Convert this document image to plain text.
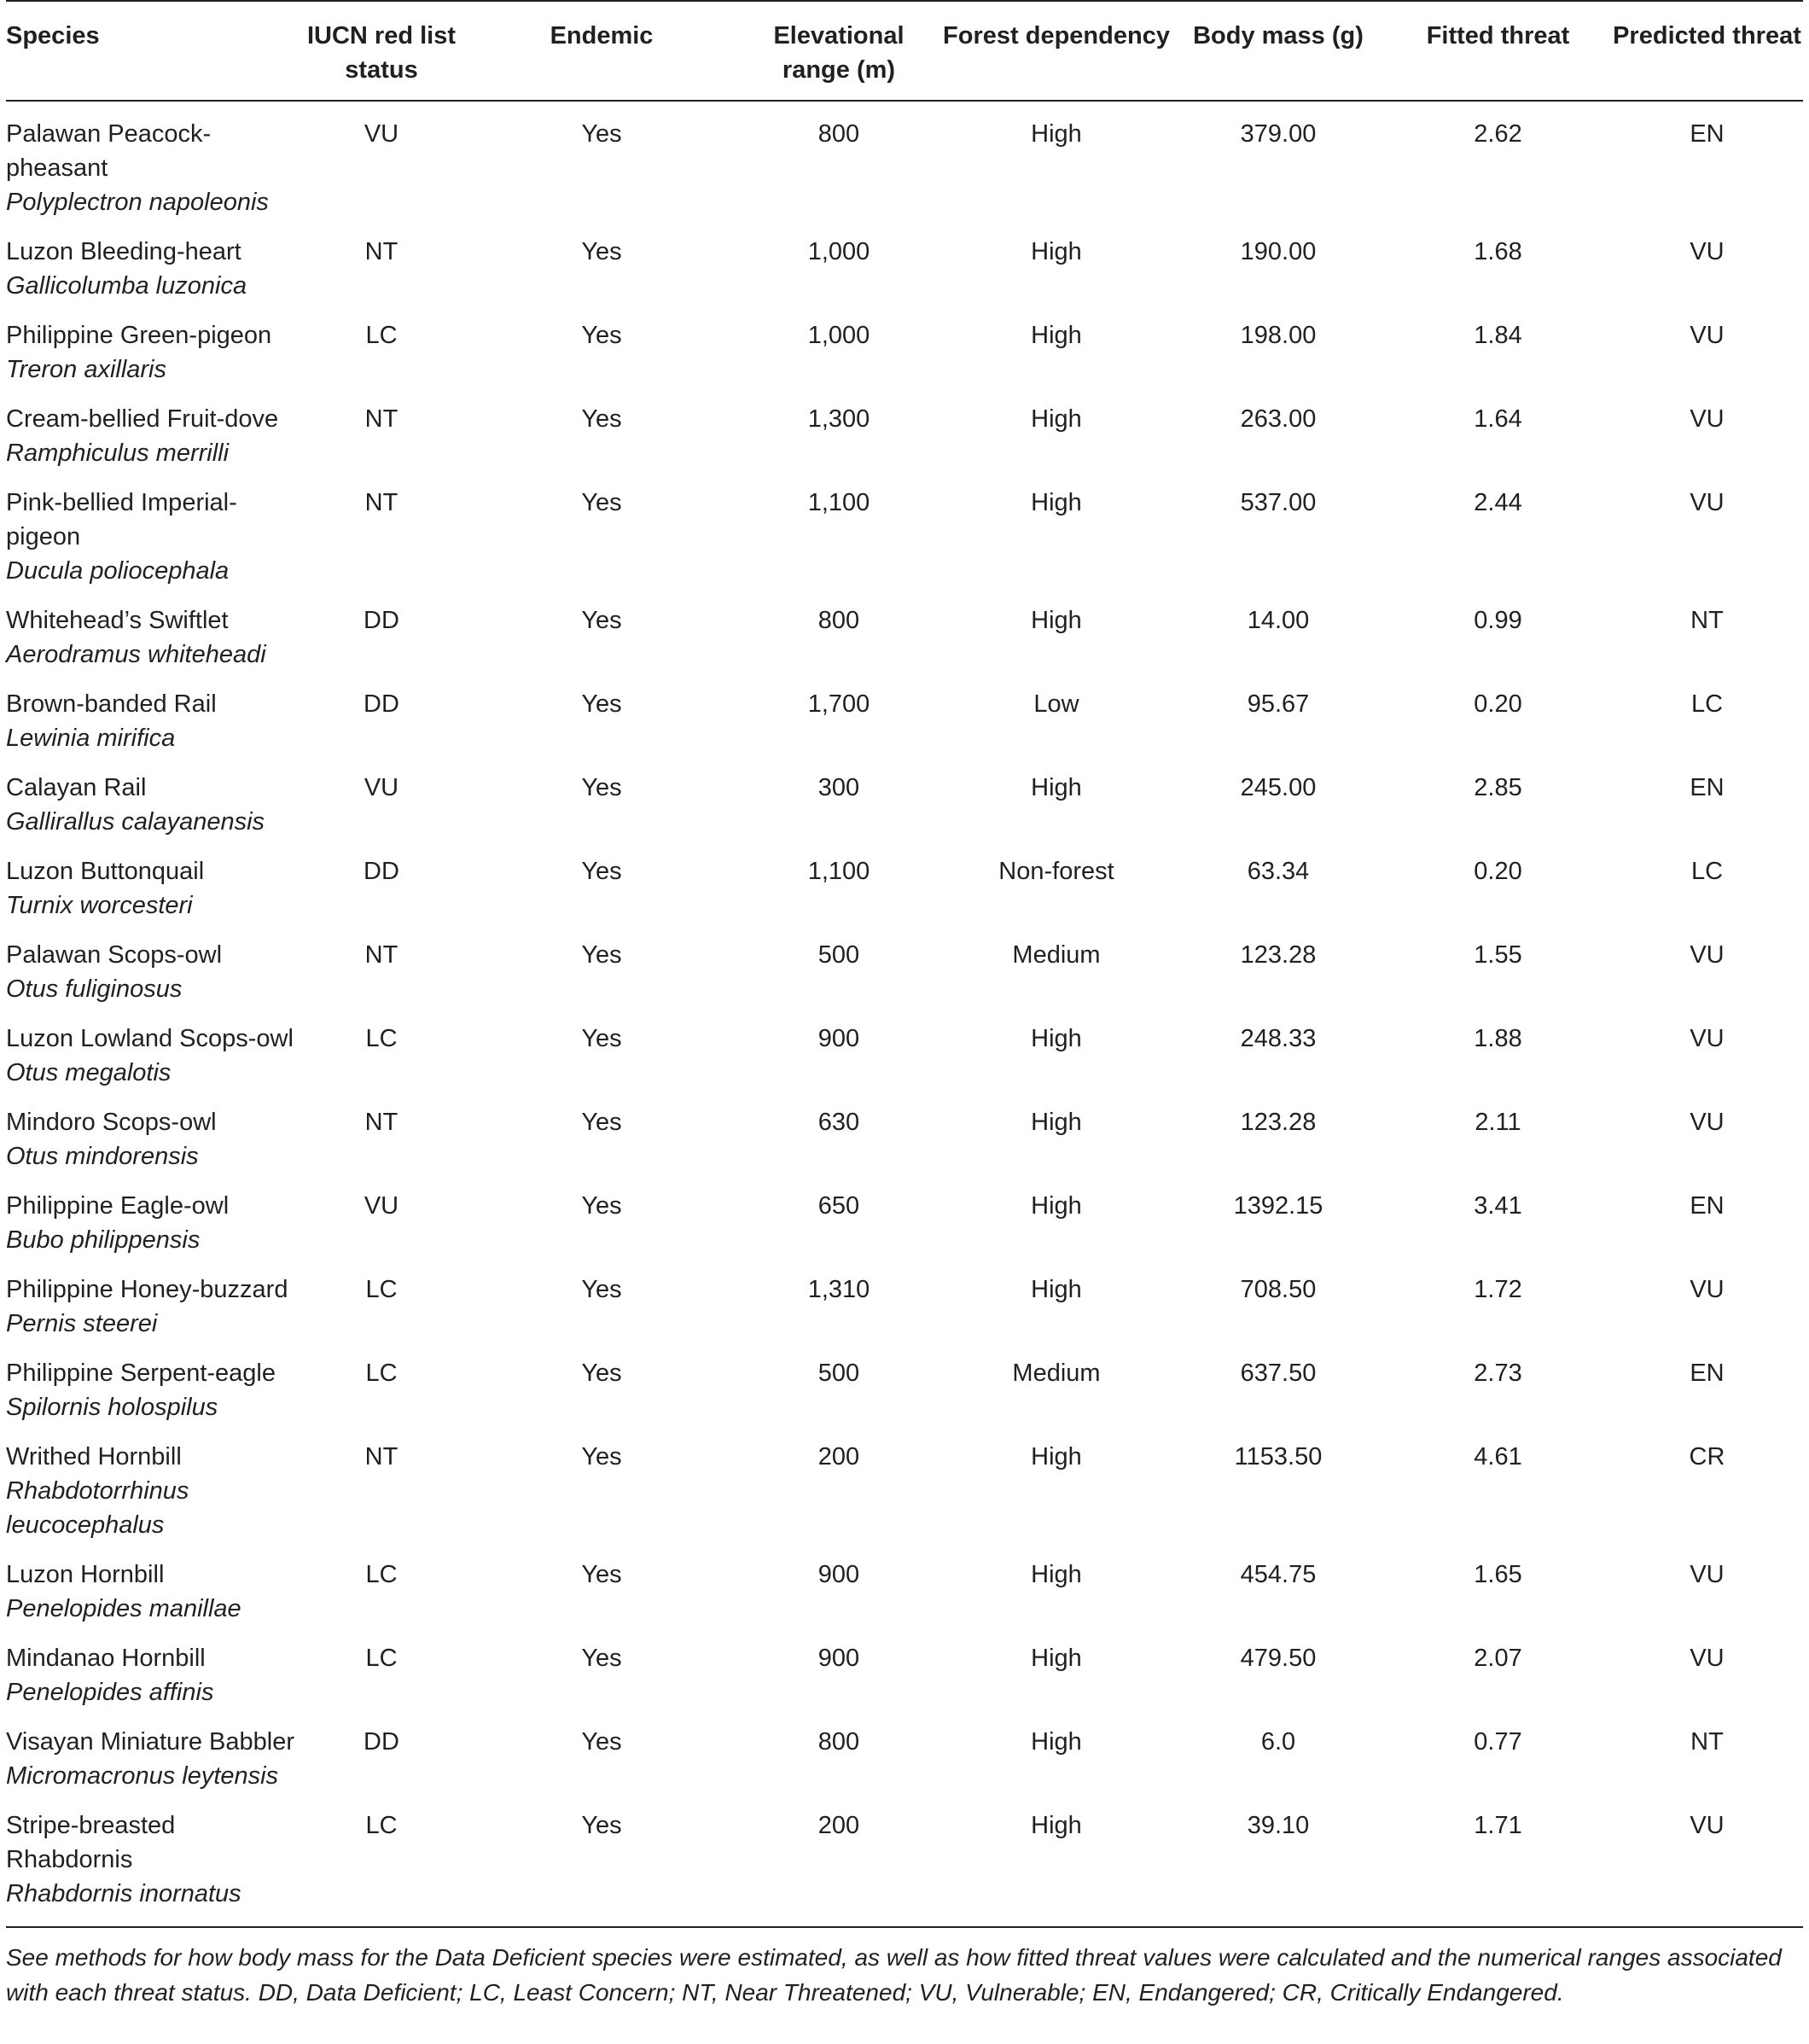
Species	IUCN red list status	Endemic	Elevational range (m)	Forest dependency	Body mass (g)	Fitted threat	Predicted threat

Palawan Peacock-pheasant
Polyplectron napoleonis	VU	Yes	800	High	379.00	2.62	EN

Luzon Bleeding-heart
Gallicolumba luzonica	NT	Yes	1,000	High	190.00	1.68	VU

Philippine Green-pigeon
Treron axillaris	LC	Yes	1,000	High	198.00	1.84	VU

Cream-bellied Fruit-dove
Ramphiculus merrilli	NT	Yes	1,300	High	263.00	1.64	VU

Pink-bellied Imperial-pigeon
Ducula poliocephala	NT	Yes	1,100	High	537.00	2.44	VU

Whitehead’s Swiftlet
Aerodramus whiteheadi	DD	Yes	800	High	14.00	0.99	NT

Brown-banded Rail
Lewinia mirifica	DD	Yes	1,700	Low	95.67	0.20	LC

Calayan Rail
Gallirallus calayanensis	VU	Yes	300	High	245.00	2.85	EN

Luzon Buttonquail
Turnix worcesteri	DD	Yes	1,100	Non-forest	63.34	0.20	LC

Palawan Scops-owl
Otus fuliginosus	NT	Yes	500	Medium	123.28	1.55	VU

Luzon Lowland Scops-owl
Otus megalotis	LC	Yes	900	High	248.33	1.88	VU

Mindoro Scops-owl
Otus mindorensis	NT	Yes	630	High	123.28	2.11	VU

Philippine Eagle-owl
Bubo philippensis	VU	Yes	650	High	1392.15	3.41	EN

Philippine Honey-buzzard
Pernis steerei	LC	Yes	1,310	High	708.50	1.72	VU

Philippine Serpent-eagle
Spilornis holospilus	LC	Yes	500	Medium	637.50	2.73	EN

Writhed Hornbill
Rhabdotorrhinus leucocephalus	NT	Yes	200	High	1153.50	4.61	CR

Luzon Hornbill
Penelopides manillae	LC	Yes	900	High	454.75	1.65	VU

Mindanao Hornbill
Penelopides affinis	LC	Yes	900	High	479.50	2.07	VU

Visayan Miniature Babbler
Micromacronus leytensis	DD	Yes	800	High	6.0	0.77	NT

Stripe-breasted Rhabdornis
Rhabdornis inornatus	LC	Yes	200	High	39.10	1.71	VU
See methods for how body mass for the Data Deficient species were estimated, as well as how fitted threat values were calculated and the numerical ranges associated with each threat status. DD, Data Deficient; LC, Least Concern; NT, Near Threatened; VU, Vulnerable; EN, Endangered; CR, Critically Endangered.
